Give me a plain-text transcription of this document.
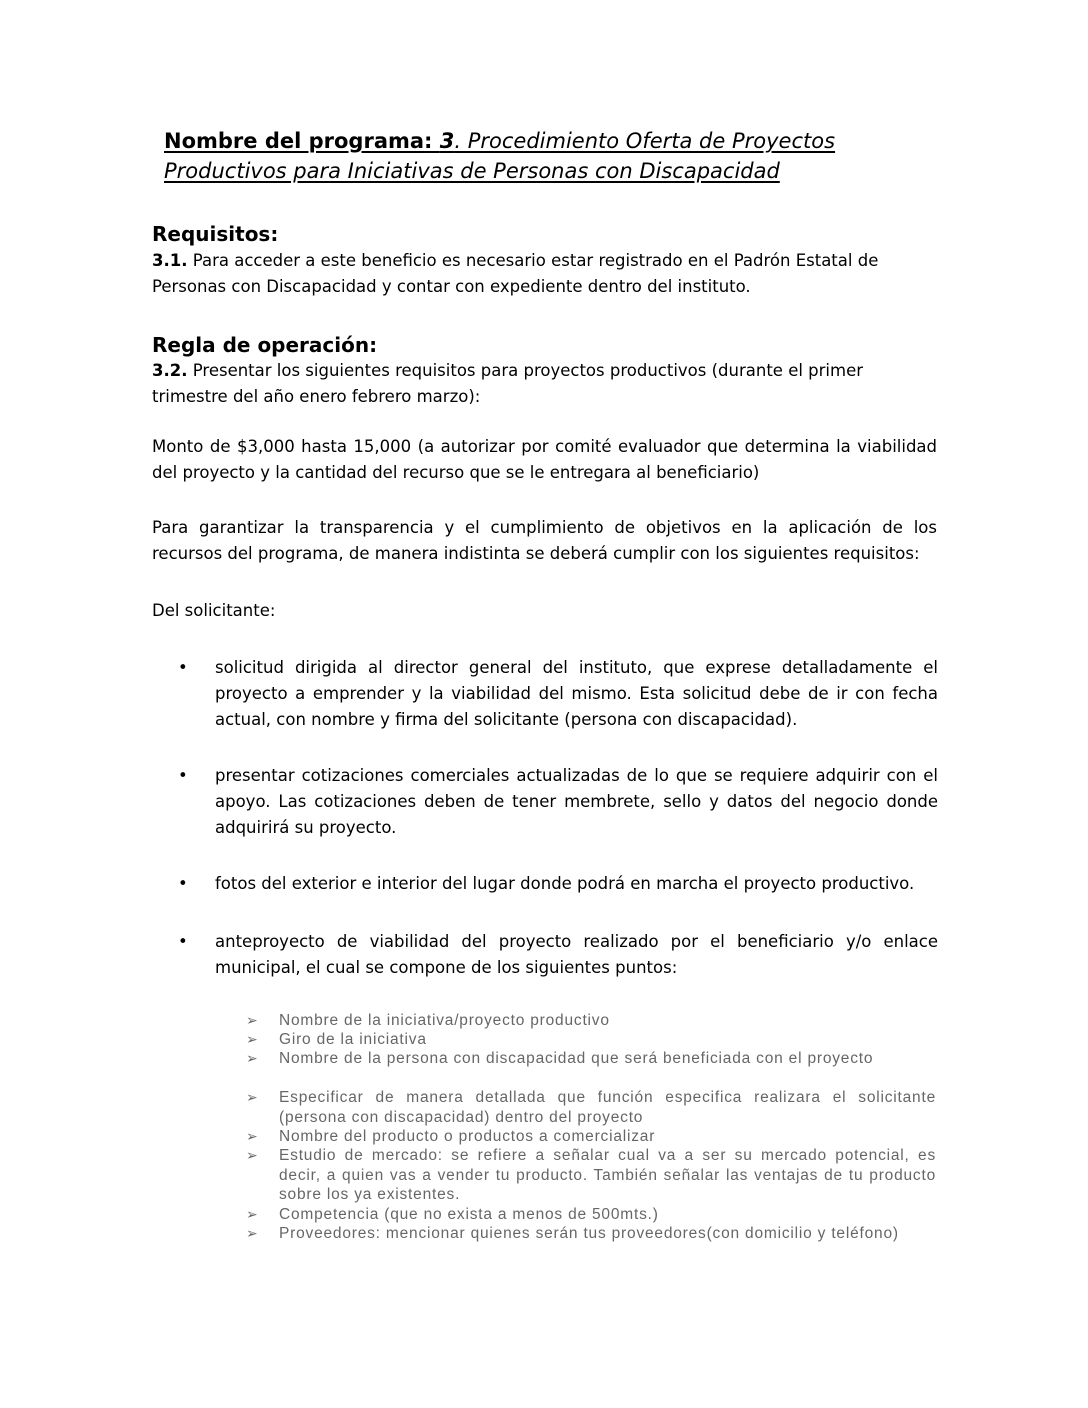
Nombre del programa: 3. Procedimiento Oferta de Proyectos Productivos para Iniciativas de Personas con Discapacidad
Requisitos:
3.1. Para acceder a este beneficio es necesario estar registrado en el Padrón Estatal de Personas con Discapacidad y contar con expediente dentro del instituto.
Regla de operación:
3.2. Presentar los siguientes requisitos para proyectos productivos (durante el primer trimestre del año enero febrero marzo):
Monto de $3,000 hasta 15,000 (a autorizar por comité evaluador que determina la viabilidad del proyecto y la cantidad del recurso que se le entregara al beneficiario)
Para garantizar la transparencia y el cumplimiento de objetivos en la aplicación de los recursos del programa, de manera indistinta se deberá cumplir con los siguientes requisitos:
Del solicitante:
•	solicitud dirigida al director general del instituto, que exprese detalladamente el proyecto a emprender y la viabilidad del mismo. Esta solicitud debe de ir con fecha actual, con nombre y firma del solicitante (persona con discapacidad).
•	presentar cotizaciones comerciales actualizadas de lo que se requiere adquirir con el apoyo. Las cotizaciones deben de tener membrete, sello y datos del negocio donde adquirirá su proyecto.
•	fotos del exterior e interior del lugar donde podrá en marcha el proyecto productivo.
•	anteproyecto de viabilidad del proyecto realizado por el beneficiario y/o enlace municipal, el cual se compone de los siguientes puntos:
➢ Nombre de la iniciativa/proyecto productivo
➢ Giro de la iniciativa
➢ Nombre de la persona con discapacidad que será beneficiada con el proyecto
➢ Especificar de manera detallada que función especifica realizara el solicitante (persona con discapacidad) dentro del proyecto
➢ Nombre del producto o productos a comercializar
➢ Estudio de mercado: se refiere a señalar cual va a ser su mercado potencial, es decir, a quien vas a vender tu producto. También señalar las ventajas de tu producto sobre los ya existentes.
➢ Competencia (que no exista a menos de 500mts.)
➢ Proveedores: mencionar quienes serán tus proveedores(con domicilio y teléfono)
